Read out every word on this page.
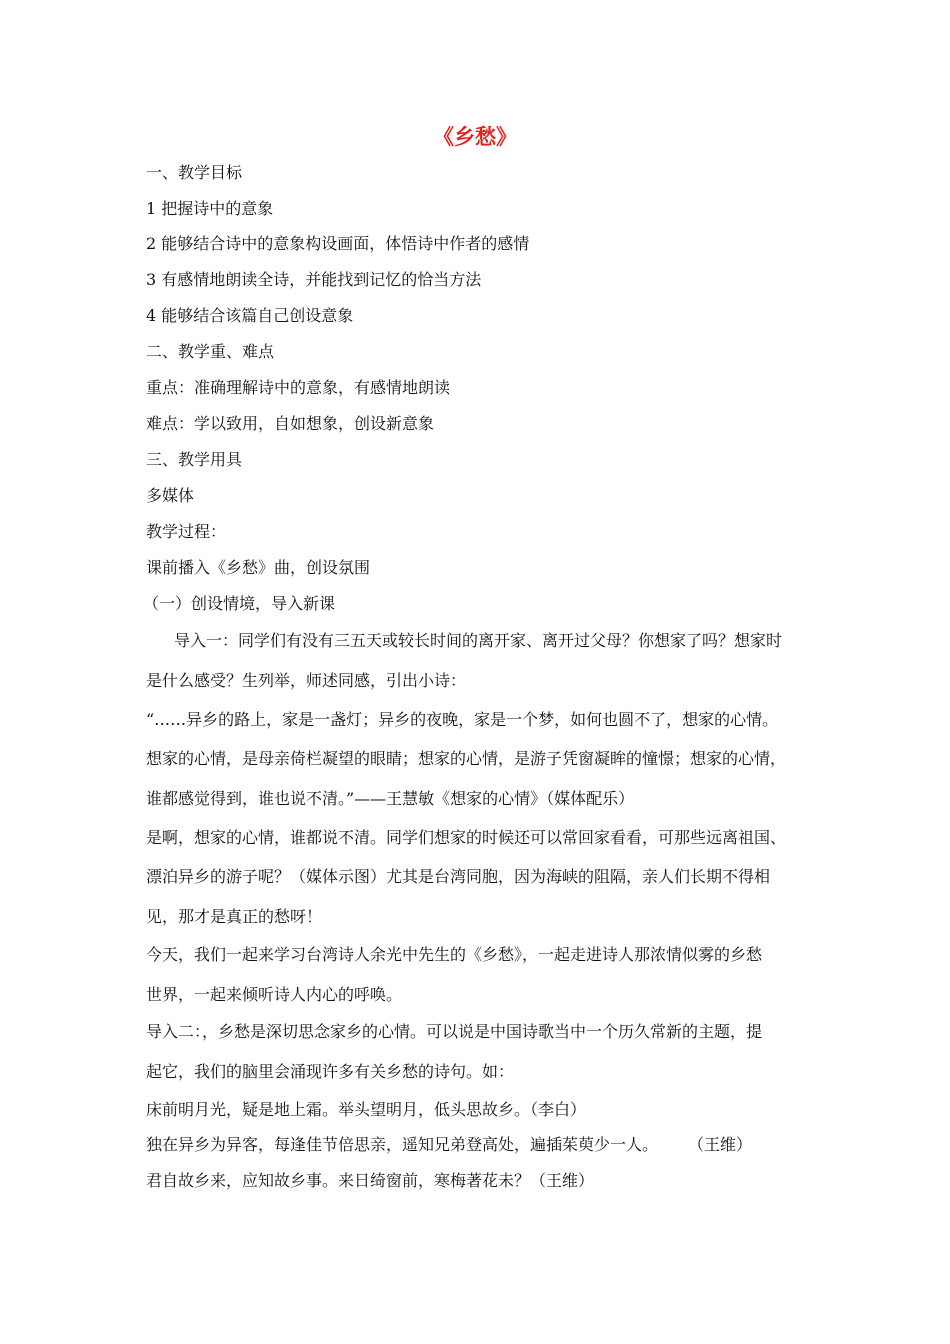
《乡愁》
一、教学目标
1 把握诗中的意象
2 能够结合诗中的意象构设画面，体悟诗中作者的感情
3 有感情地朗读全诗，并能找到记忆的恰当方法
4 能够结合该篇自己创设意象
二、教学重、难点
重点：准确理解诗中的意象，有感情地朗读
难点：学以致用，自如想象，创设新意象
三、教学用具
多媒体
教学过程：
课前播入《乡愁》曲，创设氛围
（一）创设情境，导入新课
导入一：同学们有没有三五天或较长时间的离开家、离开过父母？你想家了吗？想家时
是什么感受？生列举，师述同感，引出小诗：
“……异乡的路上，家是一盏灯；异乡的夜晚，家是一个梦，如何也圆不了，想家的心情。
想家的心情，是母亲倚栏凝望的眼睛；想家的心情，是游子凭窗凝眸的憧憬；想家的心情，
谁都感觉得到，谁也说不清。”——王慧敏《想家的心情》（媒体配乐）
是啊，想家的心情，谁都说不清。同学们想家的时候还可以常回家看看，可那些远离祖国、
漂泊异乡的游子呢？（媒体示图）尤其是台湾同胞，因为海峡的阻隔，亲人们长期不得相
见，那才是真正的愁呀！
今天，我们一起来学习台湾诗人余光中先生的《乡愁》，一起走进诗人那浓情似雾的乡愁
世界，一起来倾听诗人内心的呼唤。
导入二：，乡愁是深切思念家乡的心情。可以说是中国诗歌当中一个历久常新的主题，提
起它，我们的脑里会涌现许多有关乡愁的诗句。如：
床前明月光，疑是地上霜。举头望明月，低头思故乡。（李白）
独在异乡为异客，每逢佳节倍思亲，遥知兄弟登高处，遍插茱萸少一人。 （王维）
君自故乡来，应知故乡事。来日绮窗前，寒梅著花未？（王维）
